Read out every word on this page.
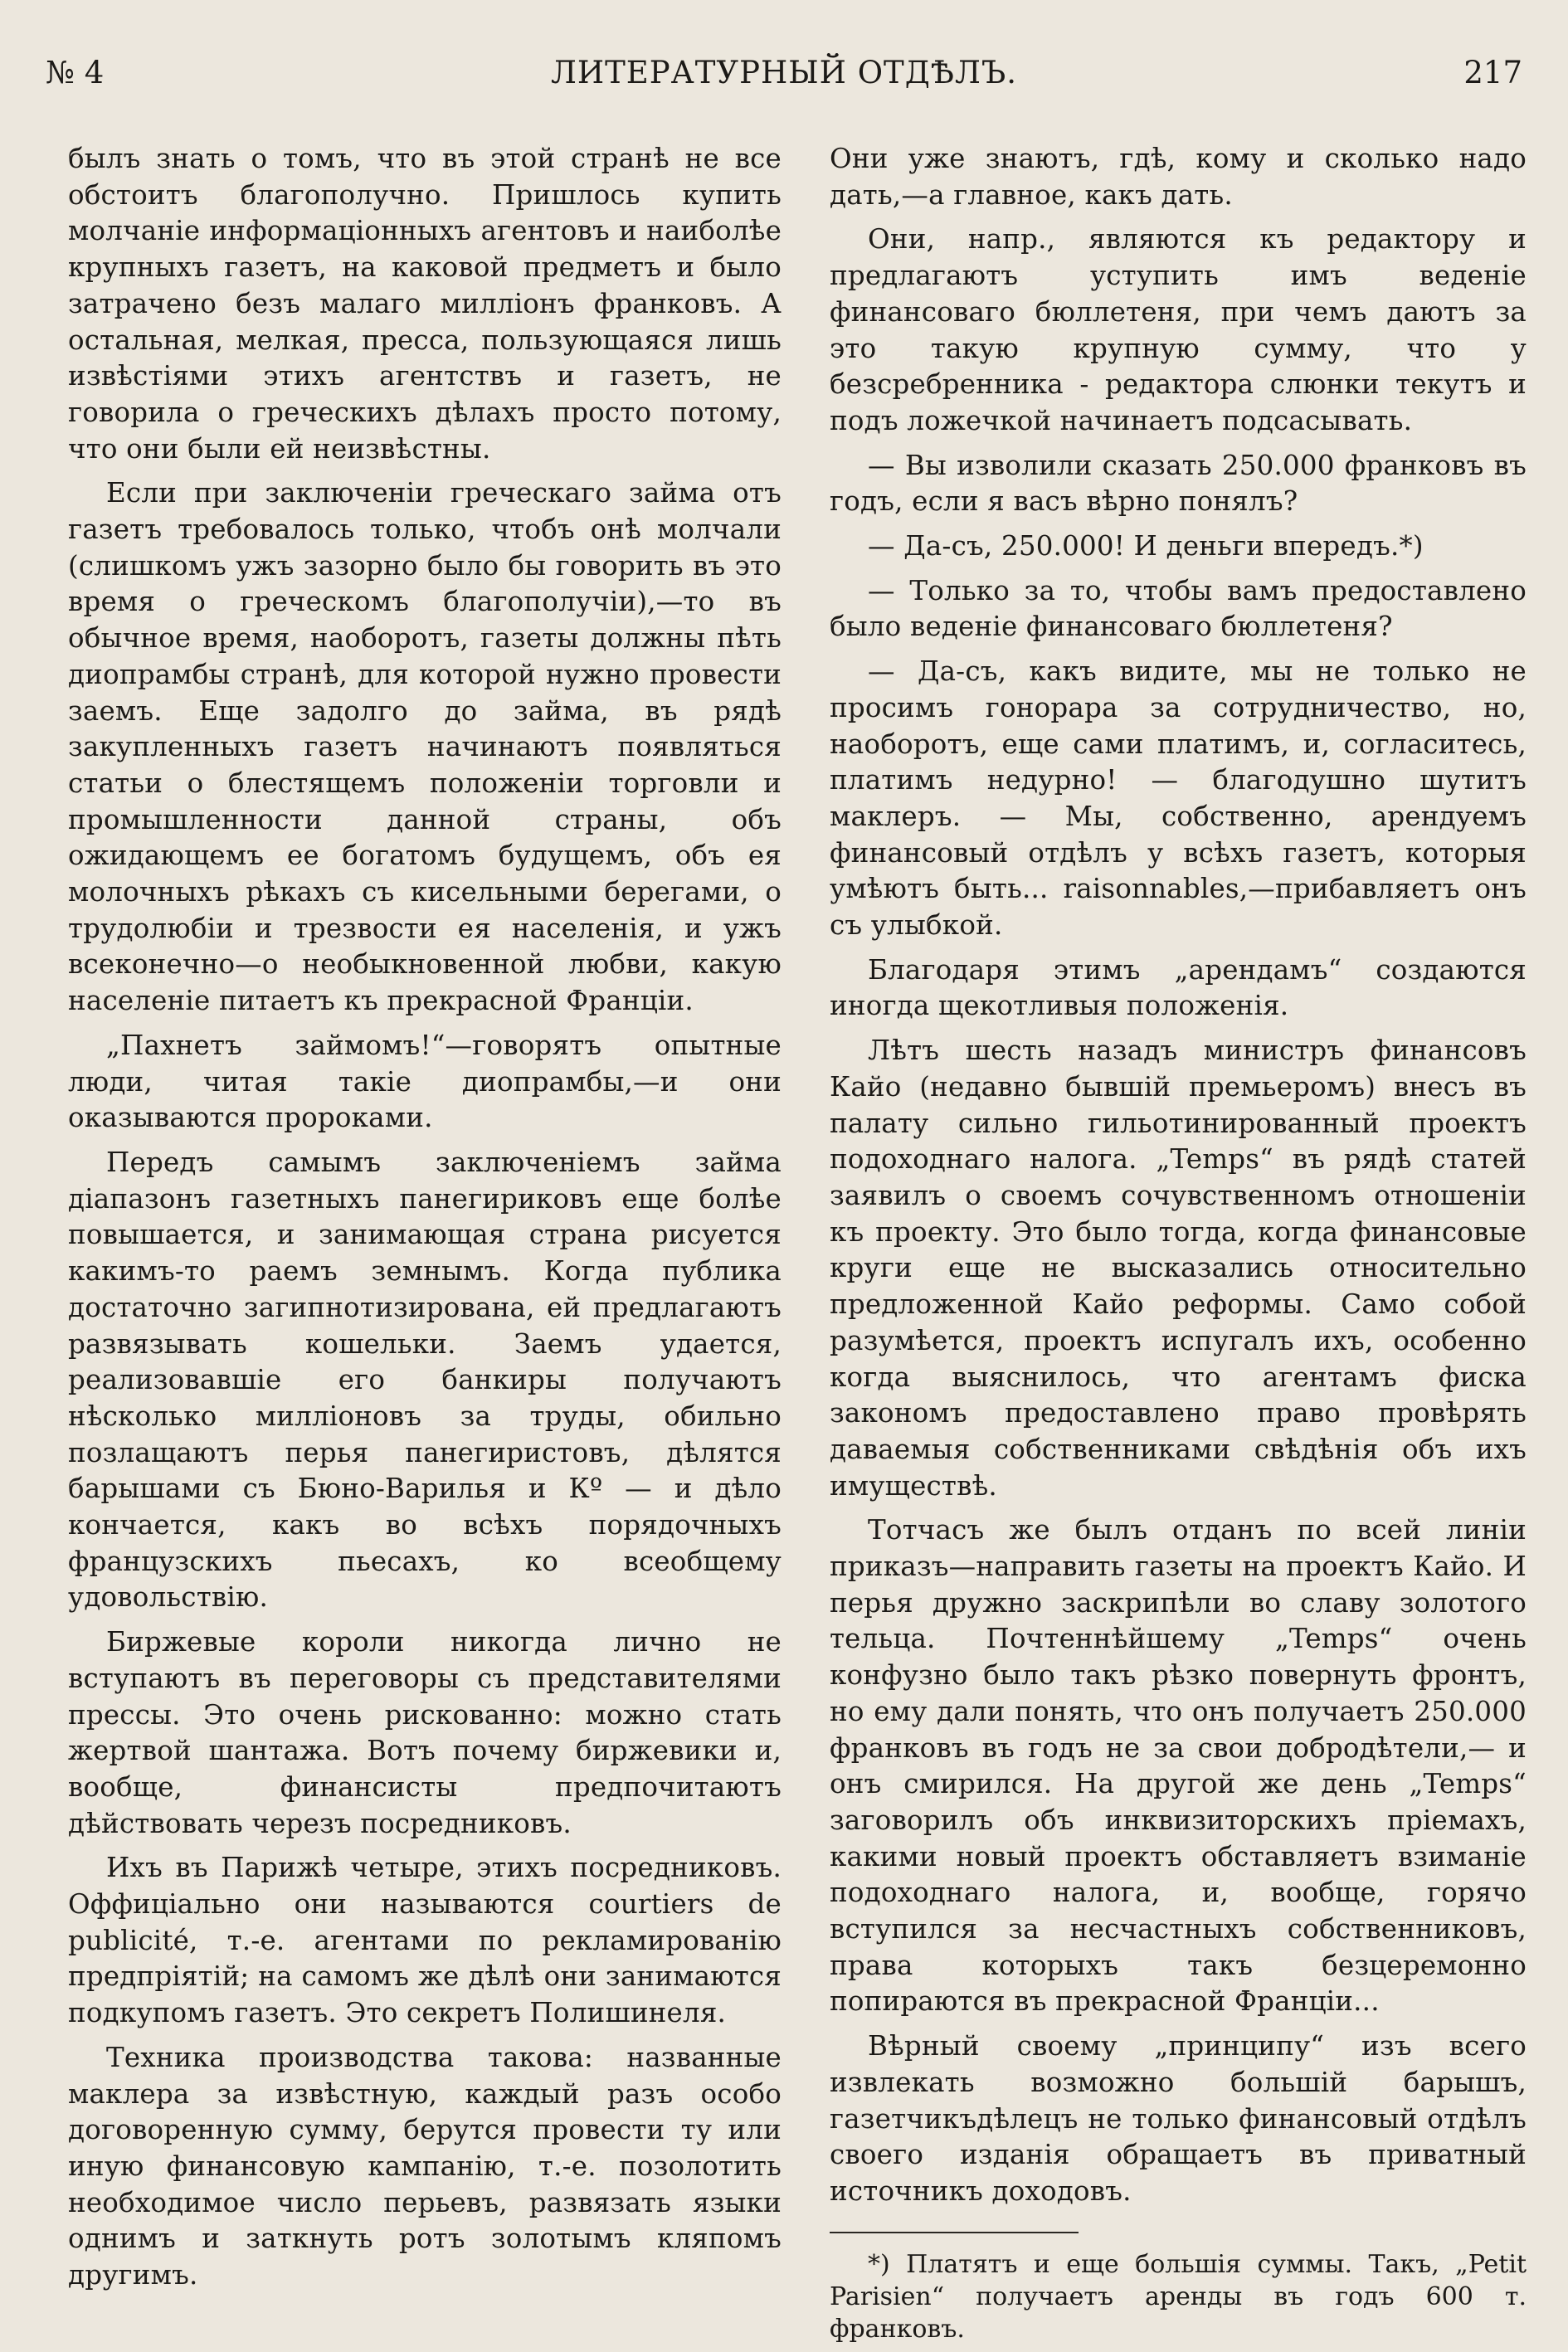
№ 4	ЛИТЕРАТУРНЫЙ ОТДѢЛЪ.	217

былъ знать о томъ, что въ этой странѣ не все обстоитъ благополучно. Пришлось купить молчаніе информаціонныхъ агентовъ и наиболѣе крупныхъ газетъ, на каковой предметъ и было затрачено безъ малаго милліонъ франковъ. А остальная, мелкая, пресса, пользующаяся лишь извѣстіями этихъ агентствъ и газетъ, не говорила о греческихъ дѣлахъ просто потому, что они были ей неизвѣстны.

Если при заключеніи греческаго займа отъ газетъ требовалось только, чтобъ онѣ молчали (слишкомъ ужъ зазорно было бы говорить въ это время о греческомъ благополучіи),—то въ обычное время, наоборотъ, газеты должны пѣть диопрамбы странѣ, для которой нужно провести заемъ. Еще задолго до займа, въ рядѣ закупленныхъ газетъ начинаютъ появляться статьи о блестящемъ положеніи торговли и промышленности данной страны, объ ожидающемъ ее богатомъ будущемъ, объ ея молочныхъ рѣкахъ съ кисельными берегами, о трудолюбіи и трезвости ея населенія, и ужъ всеконечно—о необыкновенной любви, какую населеніе питаетъ къ прекрасной Франціи.

„Пахнетъ займомъ!“—говорятъ опытные люди, читая такіе диопрамбы,—и они оказываются пророками.

Передъ самымъ заключеніемъ займа діапазонъ газетныхъ панегириковъ еще болѣе повышается, и занимающая страна рисуется какимъ-то раемъ земнымъ. Когда публика достаточно загипнотизирована, ей предлагаютъ развязывать кошельки. Заемъ удается, реализовавшіе его банкиры получаютъ нѣсколько милліоновъ за труды, обильно позлащаютъ перья панегиристовъ, дѣлятся барышами съ Бюно-Варилья и Кº — и дѣло кончается, какъ во всѣхъ порядочныхъ французскихъ пьесахъ, ко всеобщему удовольствію.

Биржевые короли никогда лично не вступаютъ въ переговоры съ представителями прессы. Это очень рискованно: можно стать жертвой шантажа. Вотъ почему биржевики и, вообще, финансисты предпочитаютъ дѣйствовать черезъ посредниковъ.

Ихъ въ Парижѣ четыре, этихъ посредниковъ. Оффиціально они называются courtiers de publicité, т.-е. агентами по рекламированію предпріятій; на самомъ же дѣлѣ они занимаются подкупомъ газетъ. Это секретъ Полишинеля.

Техника производства такова: названные маклера за извѣстную, каждый разъ особо договоренную сумму, берутся провести ту или иную финансовую кампанію, т.-е. позолотить необходимое число перьевъ, развязать языки однимъ и заткнуть ротъ золотымъ кляпомъ другимъ.

Они уже знаютъ, гдѣ, кому и сколько надо дать,—а главное, какъ дать.

Они, напр., являются къ редактору и предлагаютъ уступить имъ веденіе финансоваго бюллетеня, при чемъ даютъ за это такую крупную сумму, что у безсребренника - редактора слюнки текутъ и подъ ложечкой начинаетъ подсасывать.

— Вы изволили сказать 250.000 франковъ въ годъ, если я васъ вѣрно понялъ?

— Да-съ, 250.000! И деньги впередъ.*)

— Только за то, чтобы вамъ предоставлено было веденіе финансоваго бюллетеня?

— Да-съ, какъ видите, мы не только не просимъ гонорара за сотрудничество, но, наоборотъ, еще сами платимъ, и, согласитесь, платимъ недурно! — благодушно шутитъ маклеръ. — Мы, собственно, арендуемъ финансовый отдѣлъ у всѣхъ газетъ, которыя умѣютъ быть... raisonnables,—прибавляетъ онъ съ улыбкой.

Благодаря этимъ „арендамъ“ создаются иногда щекотливыя положенія.

Лѣтъ шесть назадъ министръ финансовъ Кайо (недавно бывшій премьеромъ) внесъ въ палату сильно гильотинированный проектъ подоходнаго налога. „Temps“ въ рядѣ статей заявилъ о своемъ сочувственномъ отношеніи къ проекту. Это было тогда, когда финансовые круги еще не высказались относительно предложенной Кайо реформы. Само собой разумѣется, проектъ испугалъ ихъ, особенно когда выяснилось, что агентамъ фиска закономъ предоставлено право провѣрять даваемыя собственниками свѣдѣнія объ ихъ имуществѣ.

Тотчасъ же былъ отданъ по всей линіи приказъ—направить газеты на проектъ Кайо. И перья дружно заскрипѣли во славу золотого тельца. Почтеннѣйшему „Temps“ очень конфузно было такъ рѣзко повернуть фронтъ, но ему дали понять, что онъ получаетъ 250.000 франковъ въ годъ не за свои добродѣтели,— и онъ смирился. На другой же день „Temps“ заговорилъ объ инквизиторскихъ пріемахъ, какими новый проектъ обставляетъ взиманіе подоходнаго налога, и, вообще, горячо вступился за несчастныхъ собственниковъ, права которыхъ такъ безцеремонно попираются въ прекрасной Франціи...

Вѣрный своему „принципу“ изъ всего извлекать возможно большій барышъ, газетчикъдѣлецъ не только финансовый отдѣлъ своего изданія обращаетъ въ приватный источникъ доходовъ.

*) Платятъ и еще большія суммы. Такъ, „Petit Parisien“ получаетъ аренды въ годъ 600 т. франковъ.
